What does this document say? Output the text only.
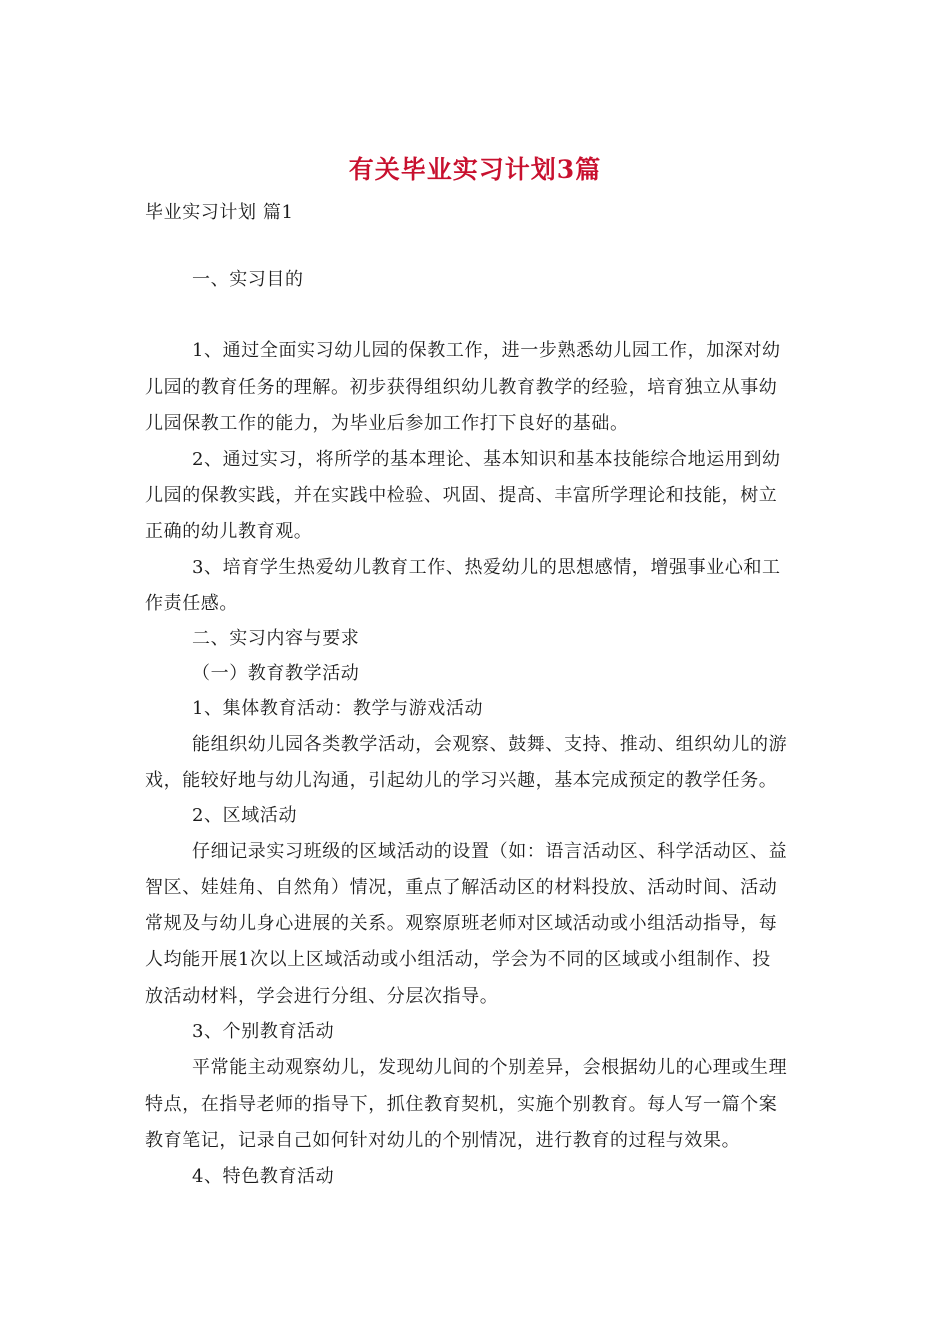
有关毕业实习计划3篇
毕业实习计划 篇1
一、实习目的
1、通过全面实习幼儿园的保教工作，进一步熟悉幼儿园工作，加深对幼
儿园的教育任务的理解。初步获得组织幼儿教育教学的经验，培育独立从事幼
儿园保教工作的能力，为毕业后参加工作打下良好的基础。
2、通过实习，将所学的基本理论、基本知识和基本技能综合地运用到幼
儿园的保教实践，并在实践中检验、巩固、提高、丰富所学理论和技能，树立
正确的幼儿教育观。
3、培育学生热爱幼儿教育工作、热爱幼儿的思想感情，增强事业心和工
作责任感。
二、实习内容与要求
（一）教育教学活动
1、集体教育活动：教学与游戏活动
能组织幼儿园各类教学活动，会观察、鼓舞、支持、推动、组织幼儿的游
戏，能较好地与幼儿沟通，引起幼儿的学习兴趣，基本完成预定的教学任务。
2、区域活动
仔细记录实习班级的区域活动的设置（如：语言活动区、科学活动区、益
智区、娃娃角、自然角）情况，重点了解活动区的材料投放、活动时间、活动
常规及与幼儿身心进展的关系。观察原班老师对区域活动或小组活动指导，每
人均能开展1次以上区域活动或小组活动，学会为不同的区域或小组制作、投
放活动材料，学会进行分组、分层次指导。
3、个别教育活动
平常能主动观察幼儿，发现幼儿间的个别差异，会根据幼儿的心理或生理
特点，在指导老师的指导下，抓住教育契机，实施个别教育。每人写一篇个案
教育笔记，记录自己如何针对幼儿的个别情况，进行教育的过程与效果。
4、特色教育活动
